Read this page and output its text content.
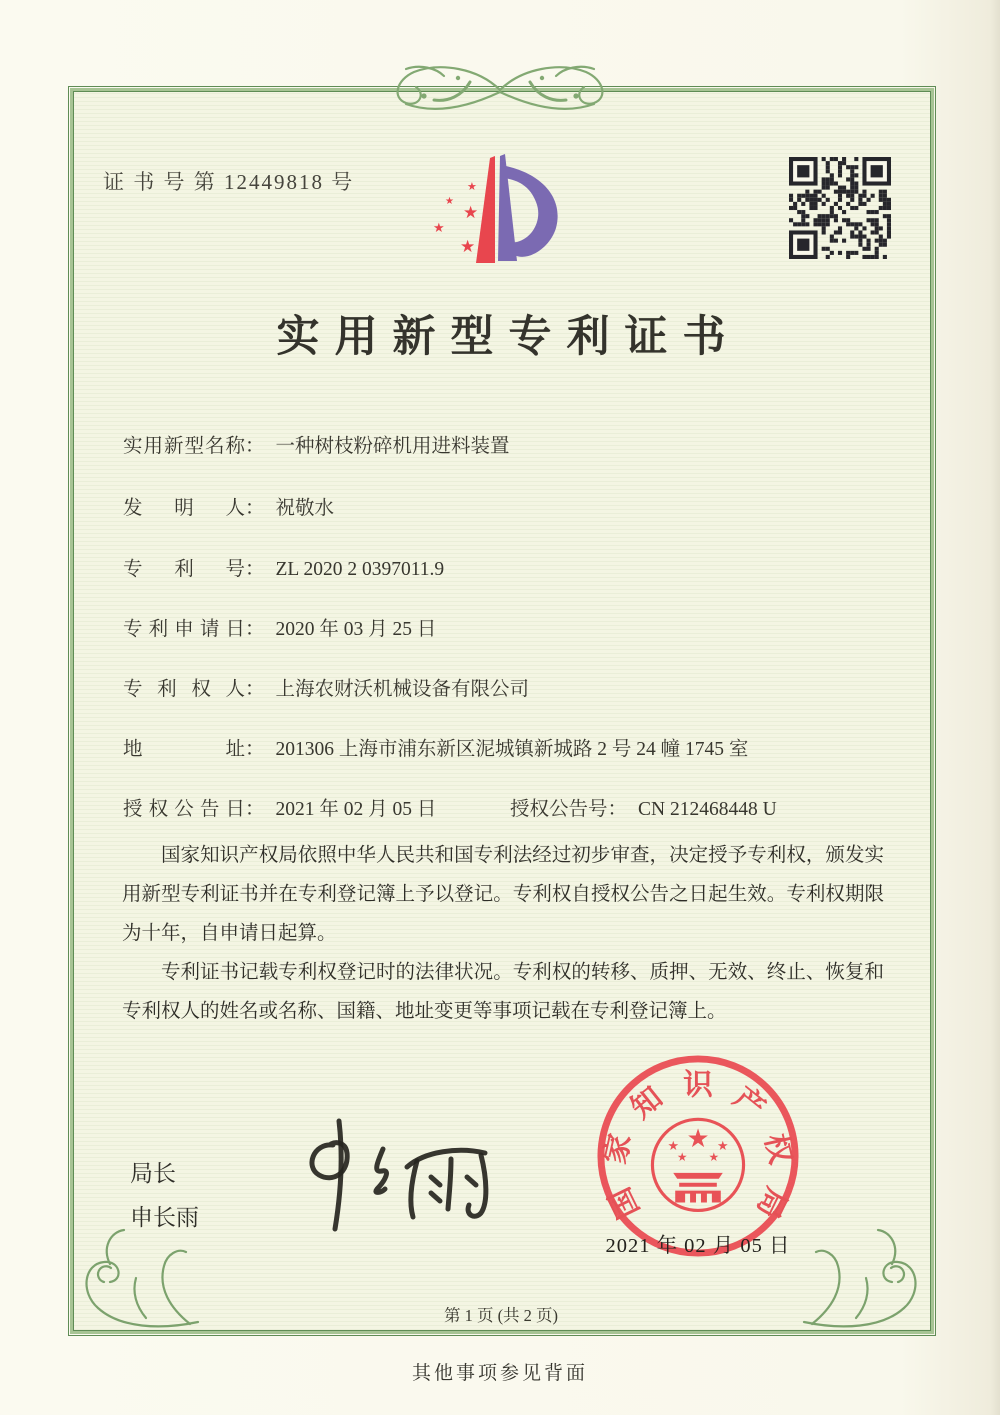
证 书 号 第 12449818 号	★
★
★
★
★
实用新型专利证书
实用新型名称： 一种树枝粉碎机用进料装置
发明人： 祝敬水
专利号： ZL 2020 2 0397011.9
专利申请日： 2020 年 03 月 25 日
专利权人： 上海农财沃机械设备有限公司
地址： 201306 上海市浦东新区泥城镇新城路 2 号 24 幢 1745 室
授权公告日： 2021 年 02 月 05 日	授权公告号： CN 212468448 U

国家知识产权局依照中华人民共和国专利法经过初步审查，决定授予专利权，颁发实用新型专利证书并在专利登记簿上予以登记。专利权自授权公告之日起生效。专利权期限为十年，自申请日起算。

专利证书记载专利权登记时的法律状况。专利权的转移、质押、无效、终止、恢复和专利权人的姓名或名称、国籍、地址变更等事项记载在专利登记簿上。

局长
申长雨	国
家
知 识 产
权
局
★
★	★
★ ★
2021 年 02 月 05 日
第 1 页 (共 2 页)
其他事项参见背面
